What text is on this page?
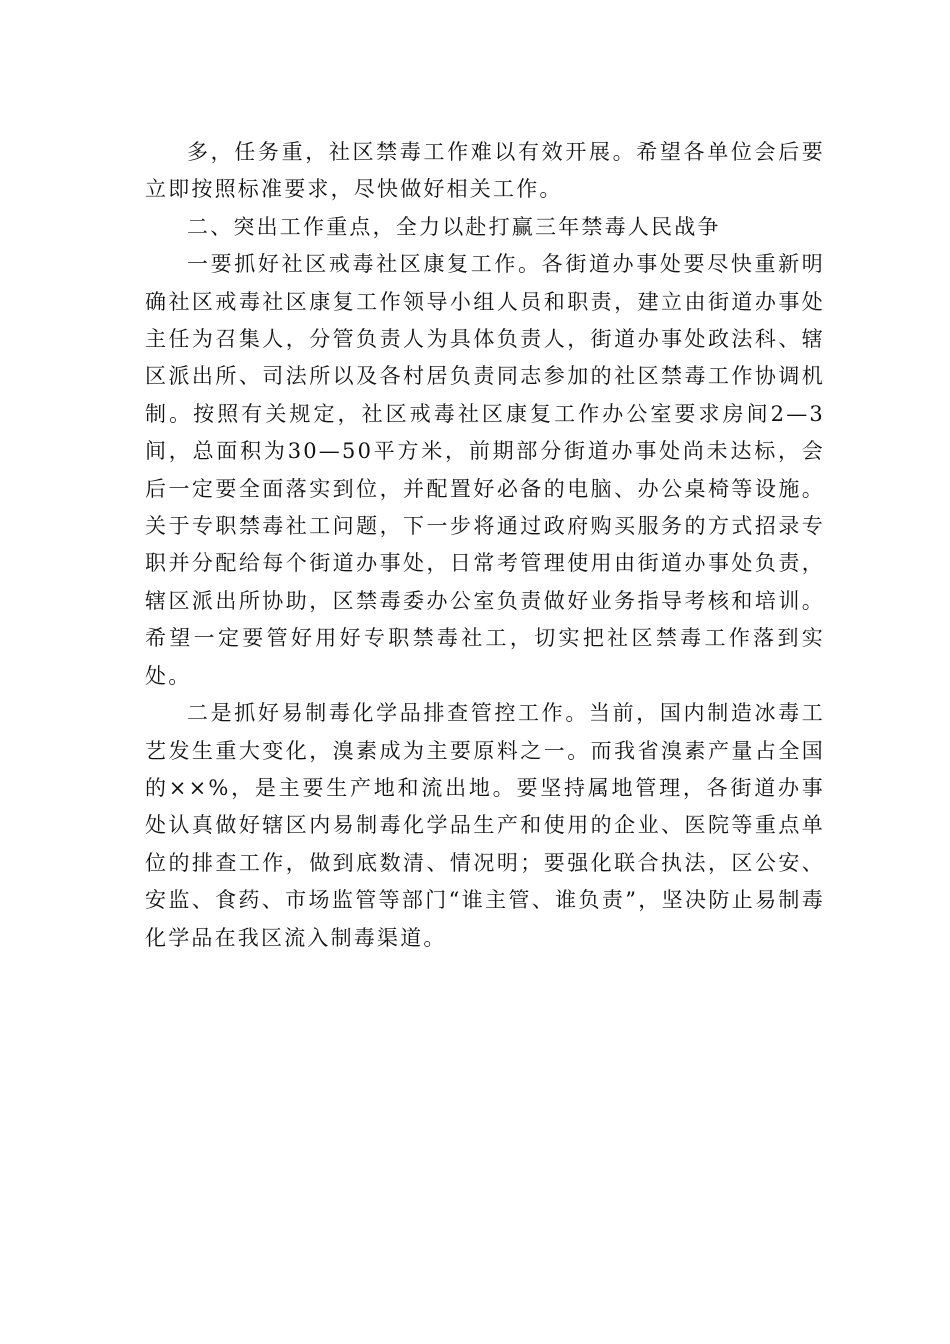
多，任务重，社区禁毒工作难以有效开展。希望各单位会后要立即按照标准要求，尽快做好相关工作。

二、突出工作重点，全力以赴打赢三年禁毒人民战争

一要抓好社区戒毒社区康复工作。各街道办事处要尽快重新明确社区戒毒社区康复工作领导小组人员和职责，建立由街道办事处主任为召集人，分管负责人为具体负责人，街道办事处政法科、辖区派出所、司法所以及各村居负责同志参加的社区禁毒工作协调机制。按照有关规定，社区戒毒社区康复工作办公室要求房间2—3间，总面积为30—50平方米，前期部分街道办事处尚未达标，会后一定要全面落实到位，并配置好必备的电脑、办公桌椅等设施。关于专职禁毒社工问题，下一步将通过政府购买服务的方式招录专职并分配给每个街道办事处，日常考管理使用由街道办事处负责，辖区派出所协助，区禁毒委办公室负责做好业务指导考核和培训。希望一定要管好用好专职禁毒社工，切实把社区禁毒工作落到实处。

二是抓好易制毒化学品排查管控工作。当前，国内制造冰毒工艺发生重大变化，溴素成为主要原料之一。而我省溴素产量占全国的××%，是主要生产地和流出地。要坚持属地管理，各街道办事处认真做好辖区内易制毒化学品生产和使用的企业、医院等重点单位的排查工作，做到底数清、情况明；要强化联合执法，区公安、安监、食药、市场监管等部门“谁主管、谁负责”，坚决防止易制毒化学品在我区流入制毒渠道。
